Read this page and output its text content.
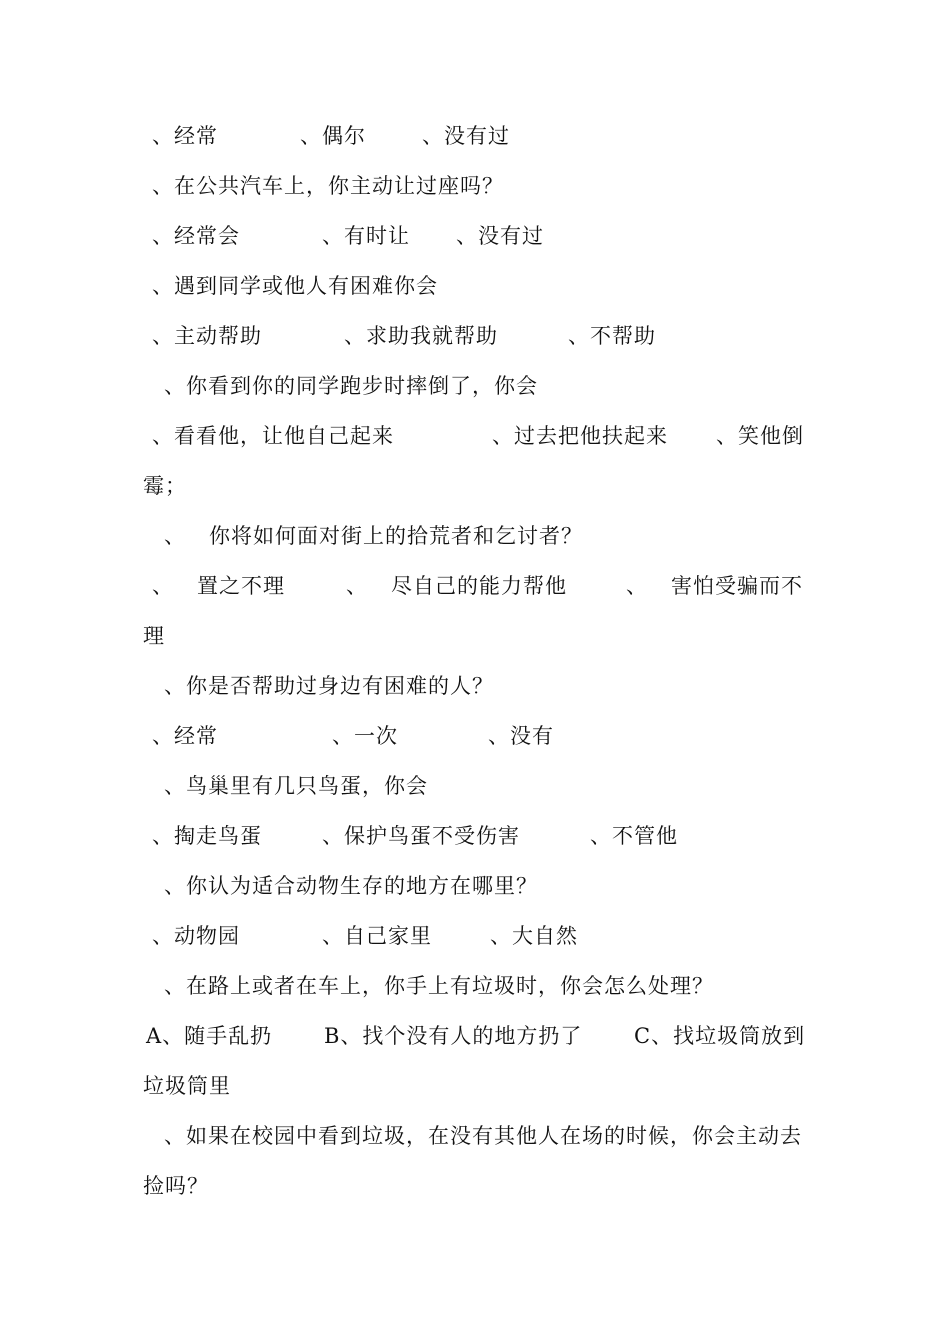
、经常	、偶尔	、没有过
、在公共汽车上，你主动让过座吗？
、经常会	、有时让 、没有过
、遇到同学或他人有困难你会
、主动帮助	、求助我就帮助	、不帮助
、你看到你的同学跑步时摔倒了，你会
、看看他，让他自己起来	、过去把他扶起来 、笑他倒
霉；
、   你将如何面对街上的拾荒者和乞讨者？
、   置之不理	、   尽自己的能力帮他	、   害怕受骗而不
理
、你是否帮助过身边有困难的人？
、经常	、一次	、没有
、鸟巢里有几只鸟蛋，你会
、掏走鸟蛋	、保护鸟蛋不受伤害	、不管他
、你认为适合动物生存的地方在哪里？
、动物园	、自己家里	、大自然
、在路上或者在车上，你手上有垃圾时，你会怎么处理？
A、随手乱扔 B、找个没有人的地方扔了 C、找垃圾筒放到
垃圾筒里
、如果在校园中看到垃圾，在没有其他人在场的时候，你会主动去
捡吗？
